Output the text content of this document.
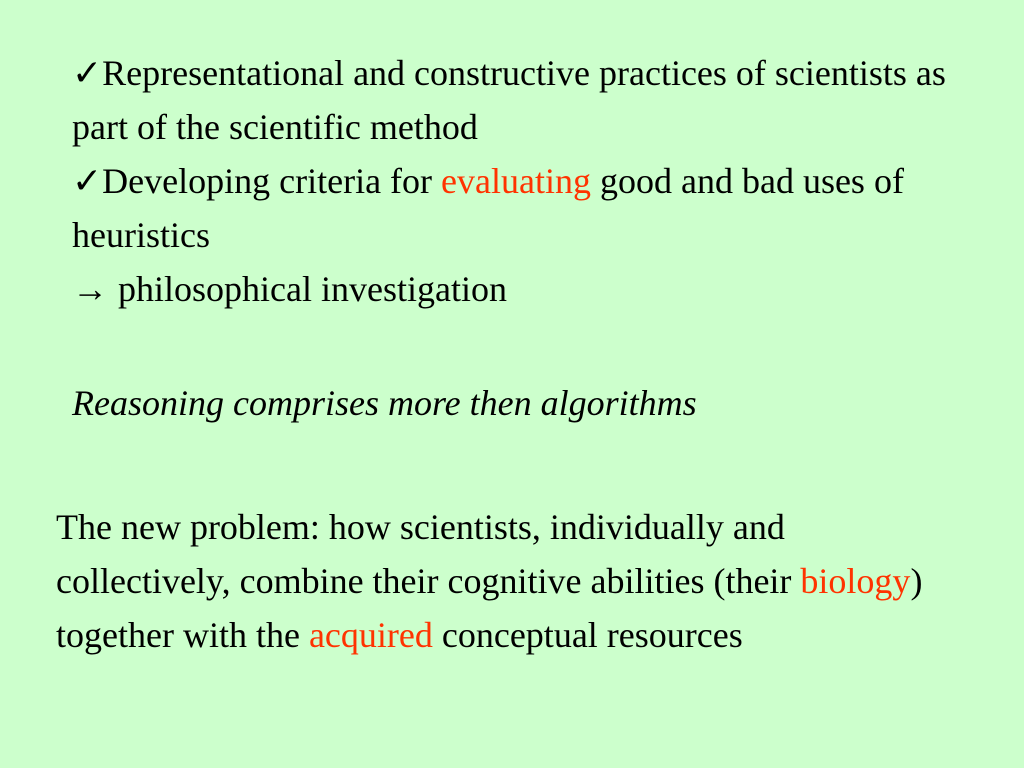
✓Representational and constructive practices of scientists as part of the scientific method

✓Developing criteria for evaluating good and bad uses of heuristics

→ philosophical investigation

Reasoning comprises more then algorithms
The new problem: how scientists, individually and collectively, combine their cognitive abilities (their biology) together with the acquired conceptual resources
